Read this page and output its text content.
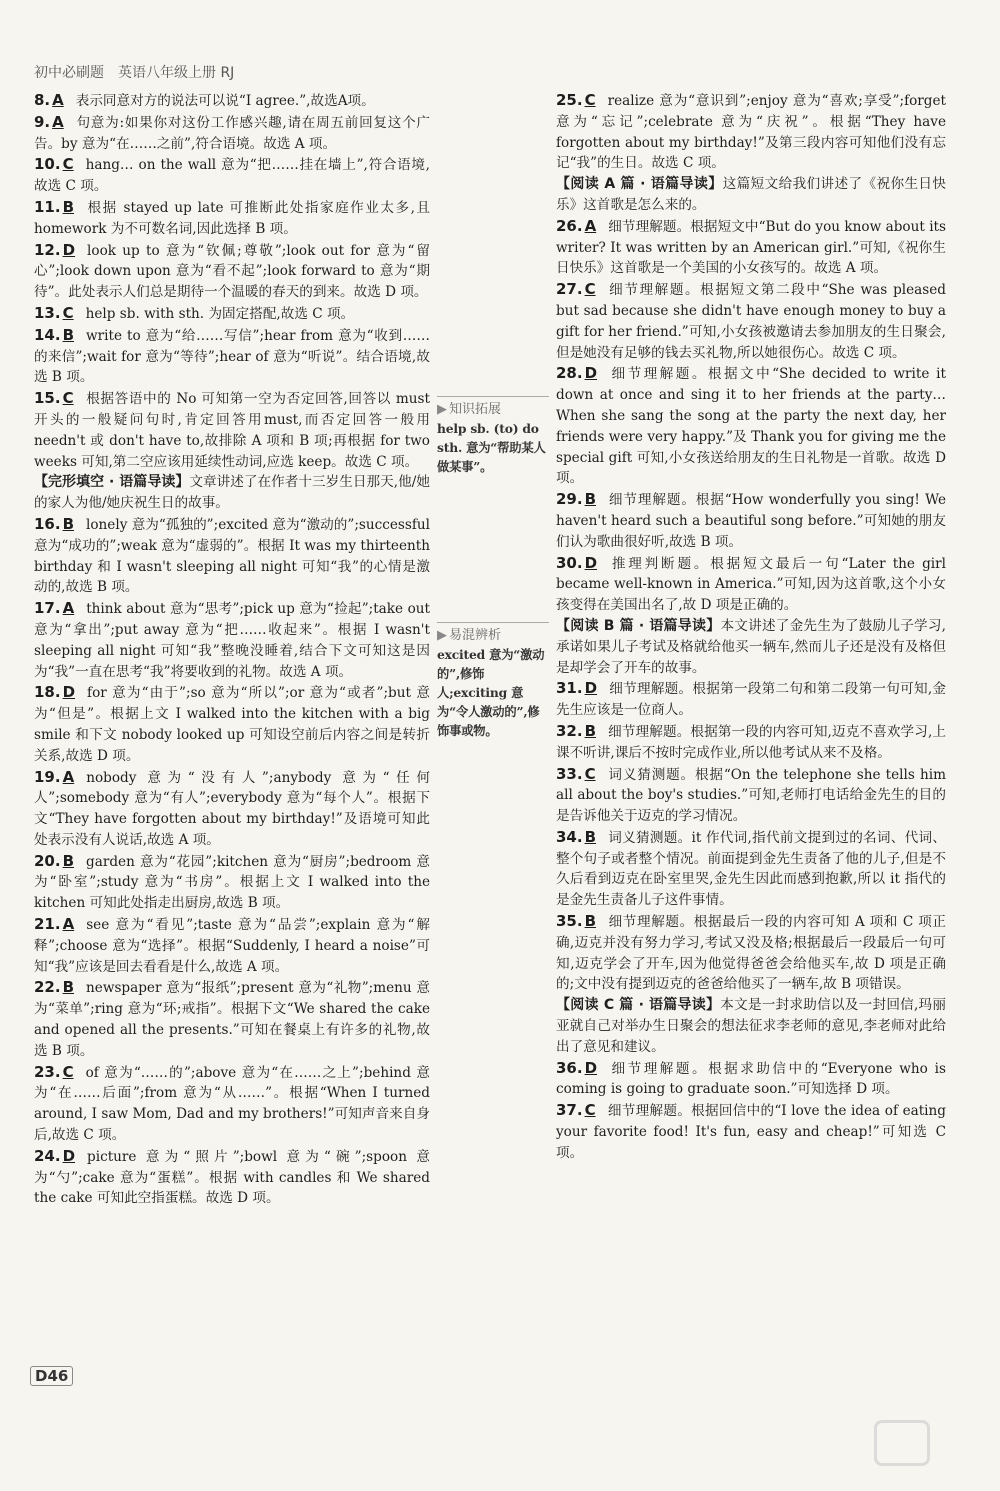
初中必刷题 英语八年级上册 RJ

8. A 表示同意对方的说法可以说“I agree.”,故选A项。

9. A 句意为:如果你对这份工作感兴趣,请在周五前回复这个广告。by 意为“在……之前”,符合语境。故选 A 项。

10. C hang… on the wall 意为“把……挂在墙上”,符合语境,故选 C 项。

11. B 根据 stayed up late 可推断此处指家庭作业太多,且 homework 为不可数名词,因此选择 B 项。

12. D look up to 意为“钦佩;尊敬”;look out for 意为“留心”;look down upon 意为“看不起”;look forward to 意为“期待”。此处表示人们总是期待一个温暖的春天的到来。故选 D 项。

13. C help sb. with sth. 为固定搭配,故选 C 项。

14. B write to 意为“给……写信”;hear from 意为“收到……的来信”;wait for 意为“等待”;hear of 意为“听说”。结合语境,故选 B 项。

15. C 根据答语中的 No 可知第一空为否定回答,回答以 must 开头的一般疑问句时,肯定回答用must,而否定回答一般用 needn't 或 don't have to,故排除 A 项和 B 项;再根据 for two weeks 可知,第二空应该用延续性动词,应选 keep。故选 C 项。

【完形填空 · 语篇导读】文章讲述了在作者十三岁生日那天,他/她的家人为他/她庆祝生日的故事。

16. B lonely 意为“孤独的”;excited 意为“激动的”;successful 意为“成功的”;weak 意为“虚弱的”。根据 It was my thirteenth birthday 和 I wasn't sleeping all night 可知“我”的心情是激动的,故选 B 项。

17. A think about 意为“思考”;pick up 意为“捡起”;take out 意为“拿出”;put away 意为“把……收起来”。根据 I wasn't sleeping all night 可知“我”整晚没睡着,结合下文可知这是因为“我”一直在思考“我”将要收到的礼物。故选 A 项。

18. D for 意为“由于”;so 意为“所以”;or 意为“或者”;but 意为“但是”。根据上文 I walked into the kitchen with a big smile 和下文 nobody looked up 可知设空前后内容之间是转折关系,故选 D 项。

19. A nobody 意为“没有人”;anybody 意为“任何人”;somebody 意为“有人”;everybody 意为“每个人”。根据下文“They have forgotten about my birthday!”及语境可知此处表示没有人说话,故选 A 项。

20. B garden 意为“花园”;kitchen 意为“厨房”;bedroom 意为“卧室”;study 意为“书房”。根据上文 I walked into the kitchen 可知此处指走出厨房,故选 B 项。

21. A see 意为“看见”;taste 意为“品尝”;explain 意为“解释”;choose 意为“选择”。根据“Suddenly, I heard a noise”可知“我”应该是回去看看是什么,故选 A 项。

22. B newspaper 意为“报纸”;present 意为“礼物”;menu 意为“菜单”;ring 意为“环;戒指”。根据下文“We shared the cake and opened all the presents.”可知在餐桌上有许多的礼物,故选 B 项。

23. C of 意为“……的”;above 意为“在……之上”;behind 意为“在……后面”;from 意为“从……”。根据“When I turned around, I saw Mom, Dad and my brothers!”可知声音来自身后,故选 C 项。

24. D picture 意为“照片”;bowl 意为“碗”;spoon 意为“勺”;cake 意为“蛋糕”。根据 with candles 和 We shared the cake 可知此空指蛋糕。故选 D 项。

▶ 知识拓展
help sb. (to) do sth. 意为“帮助某人做某事”。
▶ 易混辨析
excited 意为“激动的”,修饰人;exciting 意为“令人激动的”,修饰事或物。

25. C realize 意为“意识到”;enjoy 意为“喜欢;享受”;forget 意为“忘记”;celebrate 意为“庆祝”。根据“They have forgotten about my birthday!”及第三段内容可知他们没有忘记“我”的生日。故选 C 项。

【阅读 A 篇 · 语篇导读】这篇短文给我们讲述了《祝你生日快乐》这首歌是怎么来的。

26. A 细节理解题。根据短文中“But do you know about its writer? It was written by an American girl.”可知,《祝你生日快乐》这首歌是一个美国的小女孩写的。故选 A 项。

27. C 细节理解题。根据短文第二段中“She was pleased but sad because she didn't have enough money to buy a gift for her friend.”可知,小女孩被邀请去参加朋友的生日聚会,但是她没有足够的钱去买礼物,所以她很伤心。故选 C 项。

28. D 细节理解题。根据文中“She decided to write it down at once and sing it to her friends at the party… When she sang the song at the party the next day, her friends were very happy.”及 Thank you for giving me the special gift 可知,小女孩送给朋友的生日礼物是一首歌。故选 D 项。

29. B 细节理解题。根据“How wonderfully you sing! We haven't heard such a beautiful song before.”可知她的朋友们认为歌曲很好听,故选 B 项。

30. D 推理判断题。根据短文最后一句“Later the girl became well-known in America.”可知,因为这首歌,这个小女孩变得在美国出名了,故 D 项是正确的。

【阅读 B 篇 · 语篇导读】本文讲述了金先生为了鼓励儿子学习,承诺如果儿子考试及格就给他买一辆车,然而儿子还是没有及格但是却学会了开车的故事。

31. D 细节理解题。根据第一段第二句和第二段第一句可知,金先生应该是一位商人。

32. B 细节理解题。根据第一段的内容可知,迈克不喜欢学习,上课不听讲,课后不按时完成作业,所以他考试从来不及格。

33. C 词义猜测题。根据“On the telephone she tells him all about the boy's studies.”可知,老师打电话给金先生的目的是告诉他关于迈克的学习情况。

34. B 词义猜测题。it 作代词,指代前文提到过的名词、代词、整个句子或者整个情况。前面提到金先生责备了他的儿子,但是不久后看到迈克在卧室里哭,金先生因此而感到抱歉,所以 it 指代的是金先生责备儿子这件事情。

35. B 细节理解题。根据最后一段的内容可知 A 项和 C 项正确,迈克并没有努力学习,考试又没及格;根据最后一段最后一句可知,迈克学会了开车,因为他觉得爸爸会给他买车,故 D 项是正确的;文中没有提到迈克的爸爸给他买了一辆车,故 B 项错误。

【阅读 C 篇 · 语篇导读】本文是一封求助信以及一封回信,玛丽亚就自己对举办生日聚会的想法征求李老师的意见,李老师对此给出了意见和建议。

36. D 细节理解题。根据求助信中的“Everyone who is coming is going to graduate soon.”可知选择 D 项。

37. C 细节理解题。根据回信中的“I love the idea of eating your favorite food! It's fun, easy and cheap!”可知选 C 项。

D46
